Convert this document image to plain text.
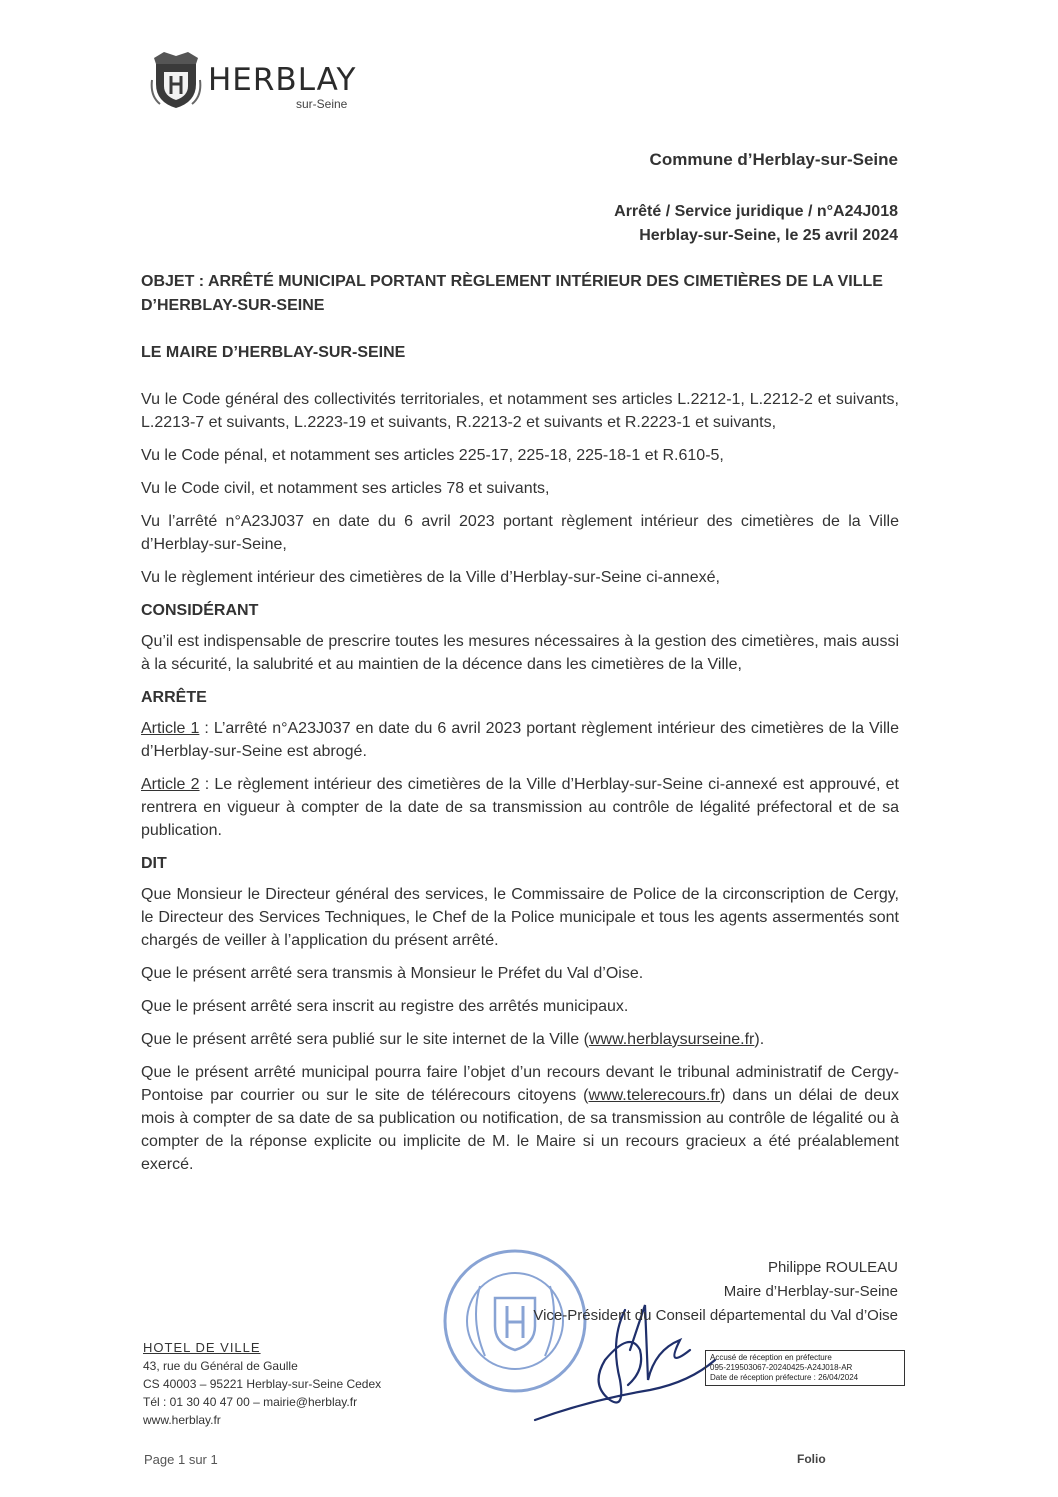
HERBLAY
sur-Seine
Commune d’Herblay-sur-Seine
Arrêté / Service juridique / n°A24J018
Herblay-sur-Seine, le 25 avril 2024
OBJET : ARRÊTÉ MUNICIPAL PORTANT RÈGLEMENT INTÉRIEUR DES CIMETIÈRES DE LA VILLE D’HERBLAY-SUR-SEINE
LE MAIRE D’HERBLAY-SUR-SEINE

Vu le Code général des collectivités territoriales, et notamment ses articles L.2212-1, L.2212-2 et suivants, L.2213-7 et suivants, L.2223-19 et suivants, R.2213-2 et suivants et R.2223-1 et suivants,

Vu le Code pénal, et notamment ses articles 225-17, 225-18, 225-18-1 et R.610-5,

Vu le Code civil, et notamment ses articles 78 et suivants,

Vu l’arrêté n°A23J037 en date du 6 avril 2023 portant règlement intérieur des cimetières de la Ville d’Herblay-sur-Seine,

Vu le règlement intérieur des cimetières de la Ville d’Herblay-sur-Seine ci-annexé,

CONSIDÉRANT

Qu’il est indispensable de prescrire toutes les mesures nécessaires à la gestion des cimetières, mais aussi à la sécurité, la salubrité et au maintien de la décence dans les cimetières de la Ville,

ARRÊTE

Article 1 : L’arrêté n°A23J037 en date du 6 avril 2023 portant règlement intérieur des cimetières de la Ville d’Herblay-sur-Seine est abrogé.

Article 2 : Le règlement intérieur des cimetières de la Ville d’Herblay-sur-Seine ci-annexé est approuvé, et rentrera en vigueur à compter de la date de sa transmission au contrôle de légalité préfectoral et de sa publication.

DIT

Que Monsieur le Directeur général des services, le Commissaire de Police de la circonscription de Cergy, le Directeur des Services Techniques, le Chef de la Police municipale et tous les agents assermentés sont chargés de veiller à l’application du présent arrêté.

Que le présent arrêté sera transmis à Monsieur le Préfet du Val d’Oise.

Que le présent arrêté sera inscrit au registre des arrêtés municipaux.

Que le présent arrêté sera publié sur le site internet de la Ville (www.herblaysurseine.fr).

Que le présent arrêté municipal pourra faire l’objet d’un recours devant le tribunal administratif de Cergy-Pontoise par courrier ou sur le site de télérecours citoyens (www.telerecours.fr) dans un délai de deux mois à compter de sa date de sa publication ou notification, de sa transmission au contrôle de légalité ou à compter de la réponse explicite ou implicite de M. le Maire si un recours gracieux a été préalablement exercé.

Philippe ROULEAU
Maire d’Herblay-sur-Seine
Vice-Président du Conseil départemental du Val d’Oise
HOTEL DE VILLE
43, rue du Général de Gaulle
CS 40003 – 95221 Herblay-sur-Seine Cedex
Tél : 01 30 40 47 00 – mairie@herblay.fr
www.herblay.fr
Accusé de réception en préfecture
095-219503067-20240425-A24J018-AR
Date de réception préfecture : 26/04/2024
Page 1 sur 1	Folio
